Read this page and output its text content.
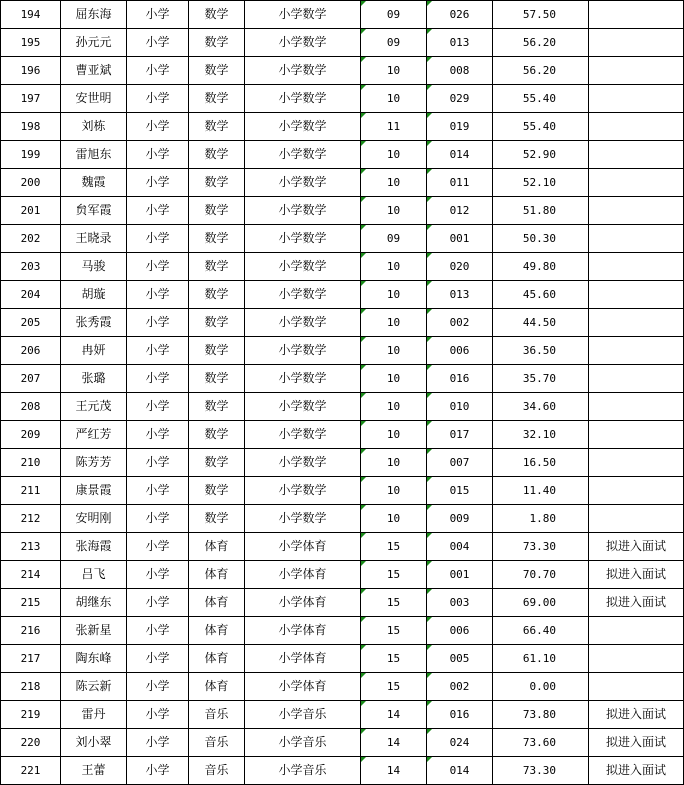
194	屈东海	小学	数学	小学数学	09	026	57.50	
195	孙元元	小学	数学	小学数学	09	013	56.20	
196	曹亚斌	小学	数学	小学数学	10	008	56.20	
197	安世明	小学	数学	小学数学	10	029	55.40	
198	刘栋	小学	数学	小学数学	11	019	55.40	
199	雷旭东	小学	数学	小学数学	10	014	52.90	
200	魏霞	小学	数学	小学数学	10	011	52.10	
201	贠军霞	小学	数学	小学数学	10	012	51.80	
202	王晓录	小学	数学	小学数学	09	001	50.30	
203	马骏	小学	数学	小学数学	10	020	49.80	
204	胡璇	小学	数学	小学数学	10	013	45.60	
205	张秀霞	小学	数学	小学数学	10	002	44.50	
206	冉妍	小学	数学	小学数学	10	006	36.50	
207	张璐	小学	数学	小学数学	10	016	35.70	
208	王元茂	小学	数学	小学数学	10	010	34.60	
209	严红芳	小学	数学	小学数学	10	017	32.10	
210	陈芳芳	小学	数学	小学数学	10	007	16.50	
211	康景霞	小学	数学	小学数学	10	015	11.40	
212	安明刚	小学	数学	小学数学	10	009	1.80	
213	张海霞	小学	体育	小学体育	15	004	73.30	拟进入面试
214	吕飞	小学	体育	小学体育	15	001	70.70	拟进入面试
215	胡继东	小学	体育	小学体育	15	003	69.00	拟进入面试
216	张新星	小学	体育	小学体育	15	006	66.40	
217	陶东峰	小学	体育	小学体育	15	005	61.10	
218	陈云新	小学	体育	小学体育	15	002	0.00	
219	雷丹	小学	音乐	小学音乐	14	016	73.80	拟进入面试
220	刘小翠	小学	音乐	小学音乐	14	024	73.60	拟进入面试
221	王蕾	小学	音乐	小学音乐	14	014	73.30	拟进入面试
